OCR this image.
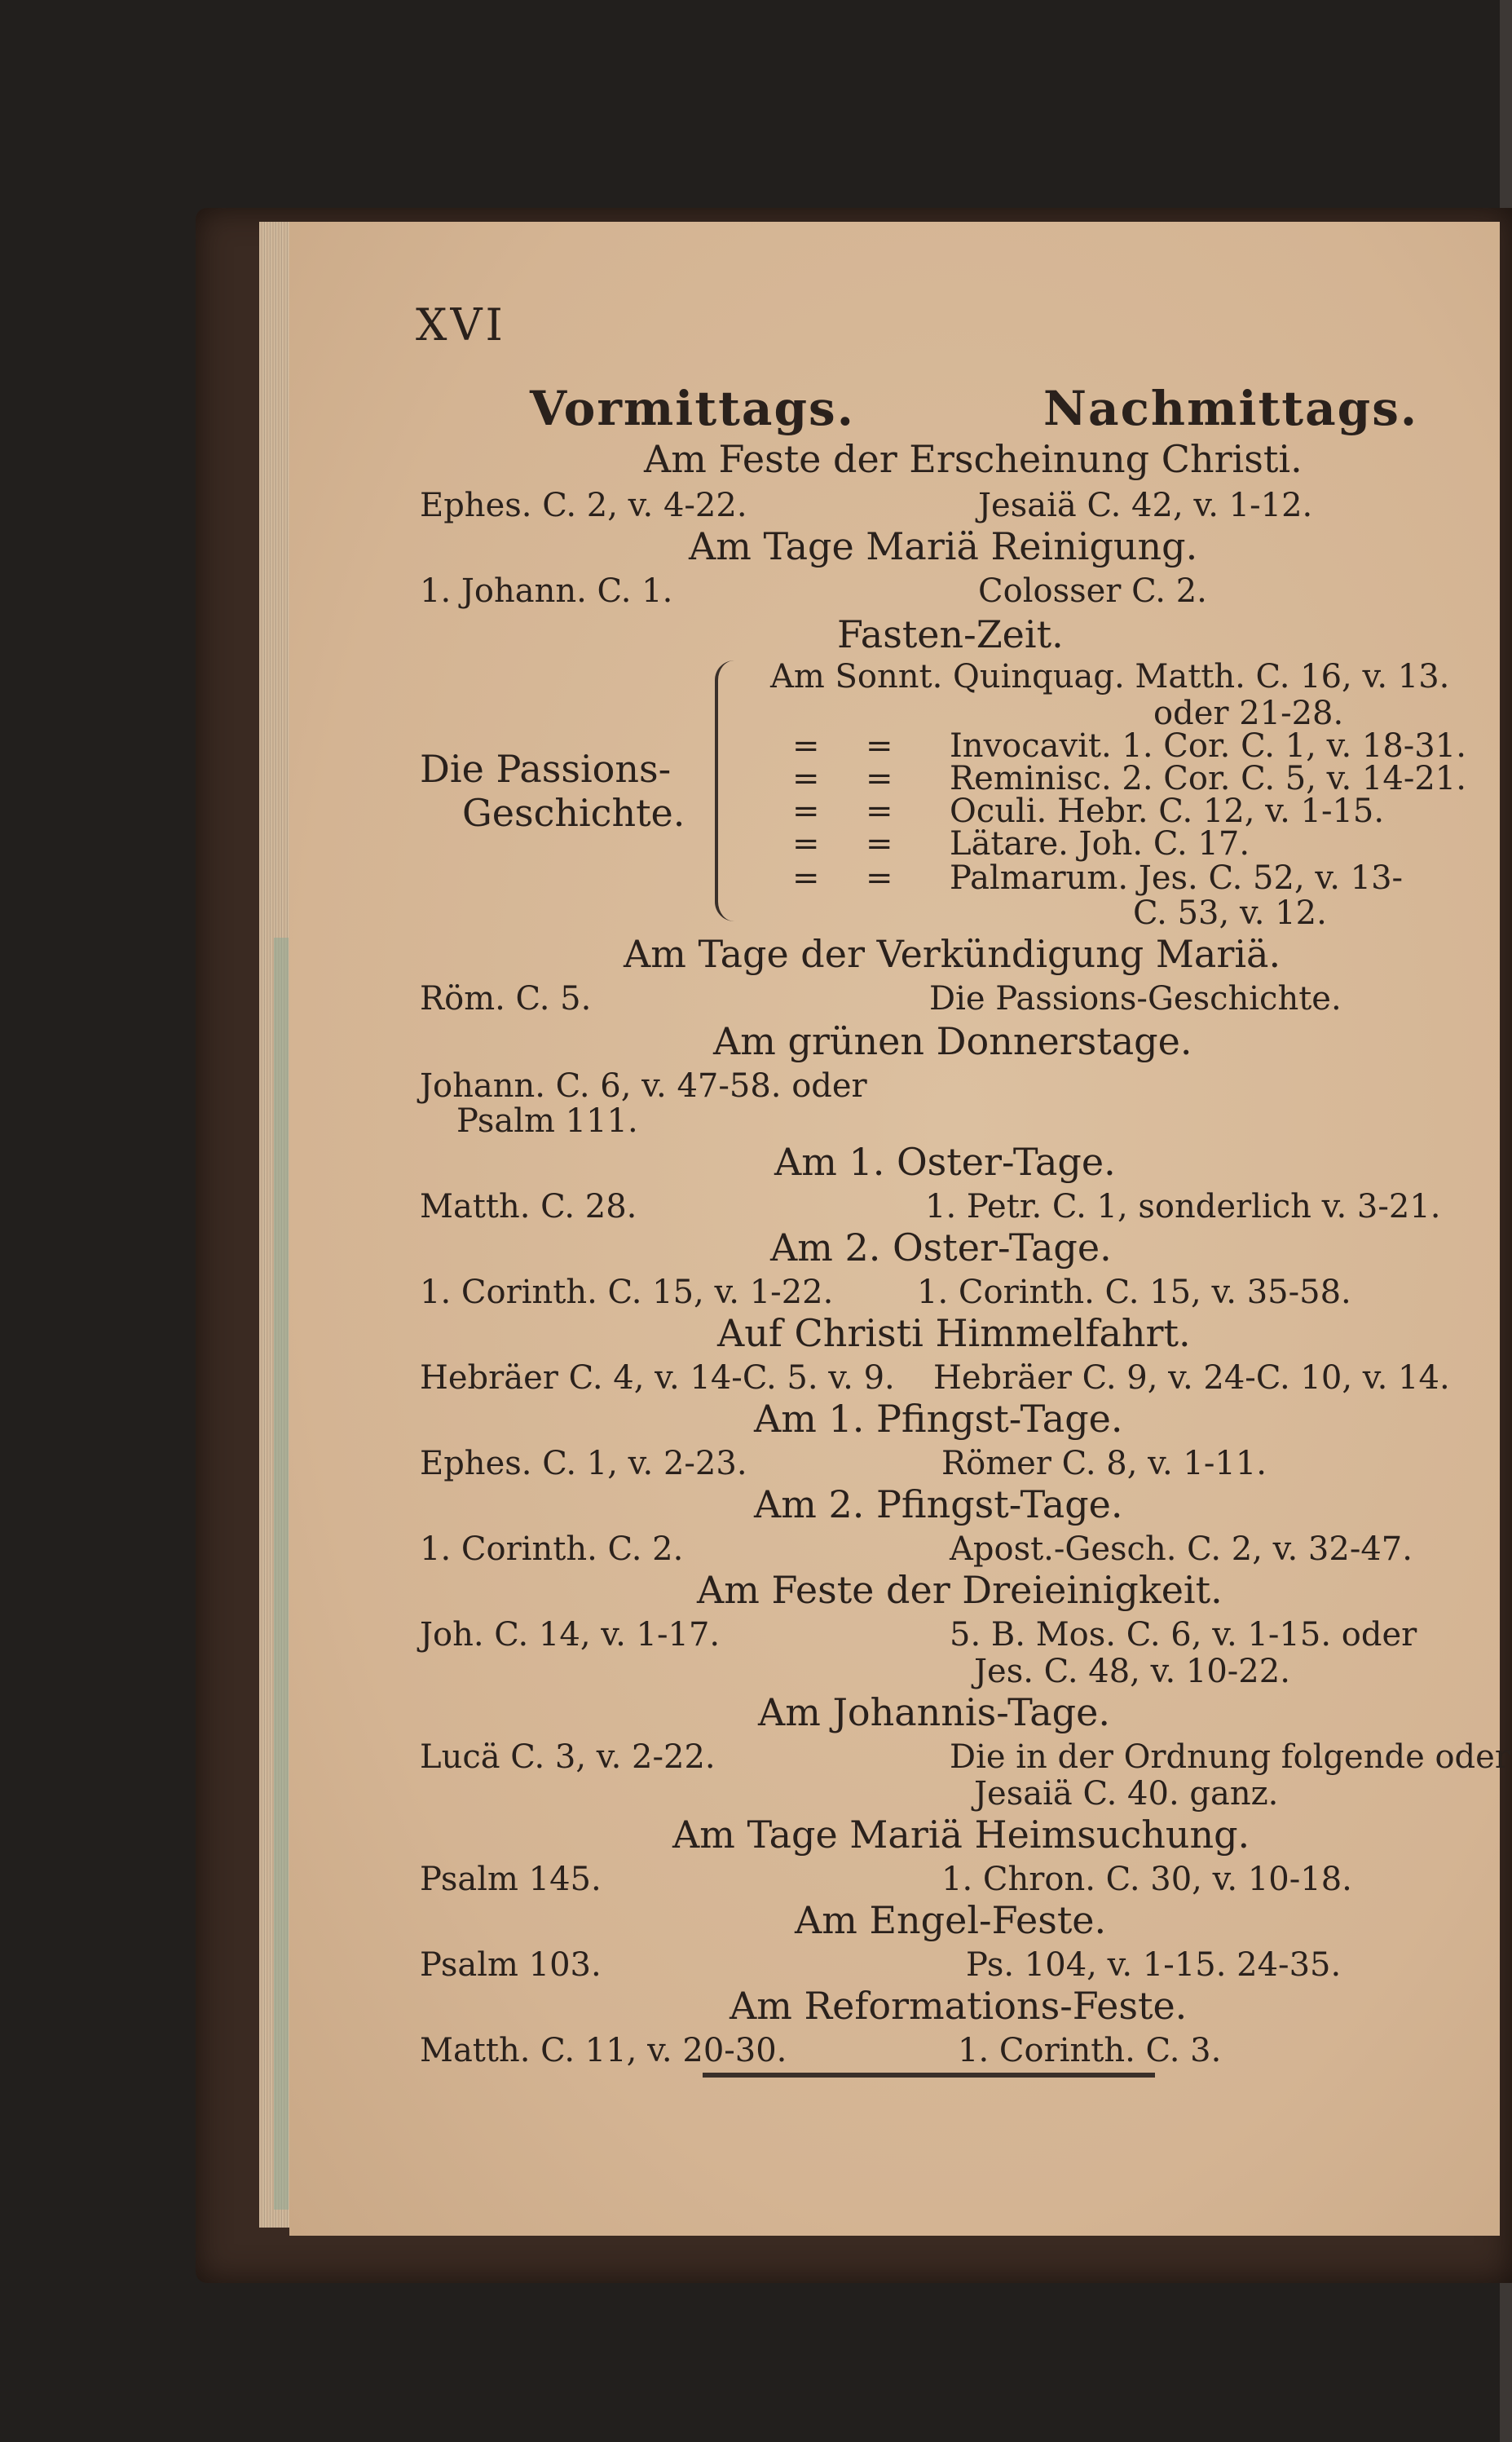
XVI
Vormittags.	Nachmittags.
Am Feste der Erscheinung Christi.
Ephes. C. 2, v. 4-22.	Jesaiä C. 42, v. 1-12.
Am Tage Mariä Reinigung.
1. Johann. C. 1.	Colosser C. 2.
Fasten-Zeit.
Die Passions-
Geschichte.
Am Sonnt. Quinquag. Matth. C. 16, v. 13.
oder 21-28.
= = Invocavit. 1. Cor. C. 1, v. 18-31.
= = Reminisc. 2. Cor. C. 5, v. 14-21.
= = Oculi. Hebr. C. 12, v. 1-15.
= = Lätare. Joh. C. 17.
= = Palmarum. Jes. C. 52, v. 13-
C. 53, v. 12.
Am Tage der Verkündigung Mariä.
Röm. C. 5.	Die Passions-Geschichte.
Am grünen Donnerstage.
Johann. C. 6, v. 47-58. oder
Psalm 111.
Am 1. Oster-Tage.
Matth. C. 28.	1. Petr. C. 1, sonderlich v. 3-21.
Am 2. Oster-Tage.
1. Corinth. C. 15, v. 1-22.	1. Corinth. C. 15, v. 35-58.
Auf Christi Himmelfahrt.
Hebräer C. 4, v. 14-C. 5. v. 9. Hebräer C. 9, v. 24-C. 10, v. 14.
Am 1. Pfingst-Tage.
Ephes. C. 1, v. 2-23.	Römer C. 8, v. 1-11.
Am 2. Pfingst-Tage.
1. Corinth. C. 2.	Apost.-Gesch. C. 2, v. 32-47.
Am Feste der Dreieinigkeit.
Joh. C. 14, v. 1-17.	5. B. Mos. C. 6, v. 1-15. oder
Jes. C. 48, v. 10-22.
Am Johannis-Tage.
Lucä C. 3, v. 2-22.	Die in der Ordnung folgende oder
Jesaiä C. 40. ganz.
Am Tage Mariä Heimsuchung.
Psalm 145.	1. Chron. C. 30, v. 10-18.
Am Engel-Feste.
Psalm 103.	Ps. 104, v. 1-15. 24-35.
Am Reformations-Feste.
Matth. C. 11, v. 20-30.	1. Corinth. C. 3.
